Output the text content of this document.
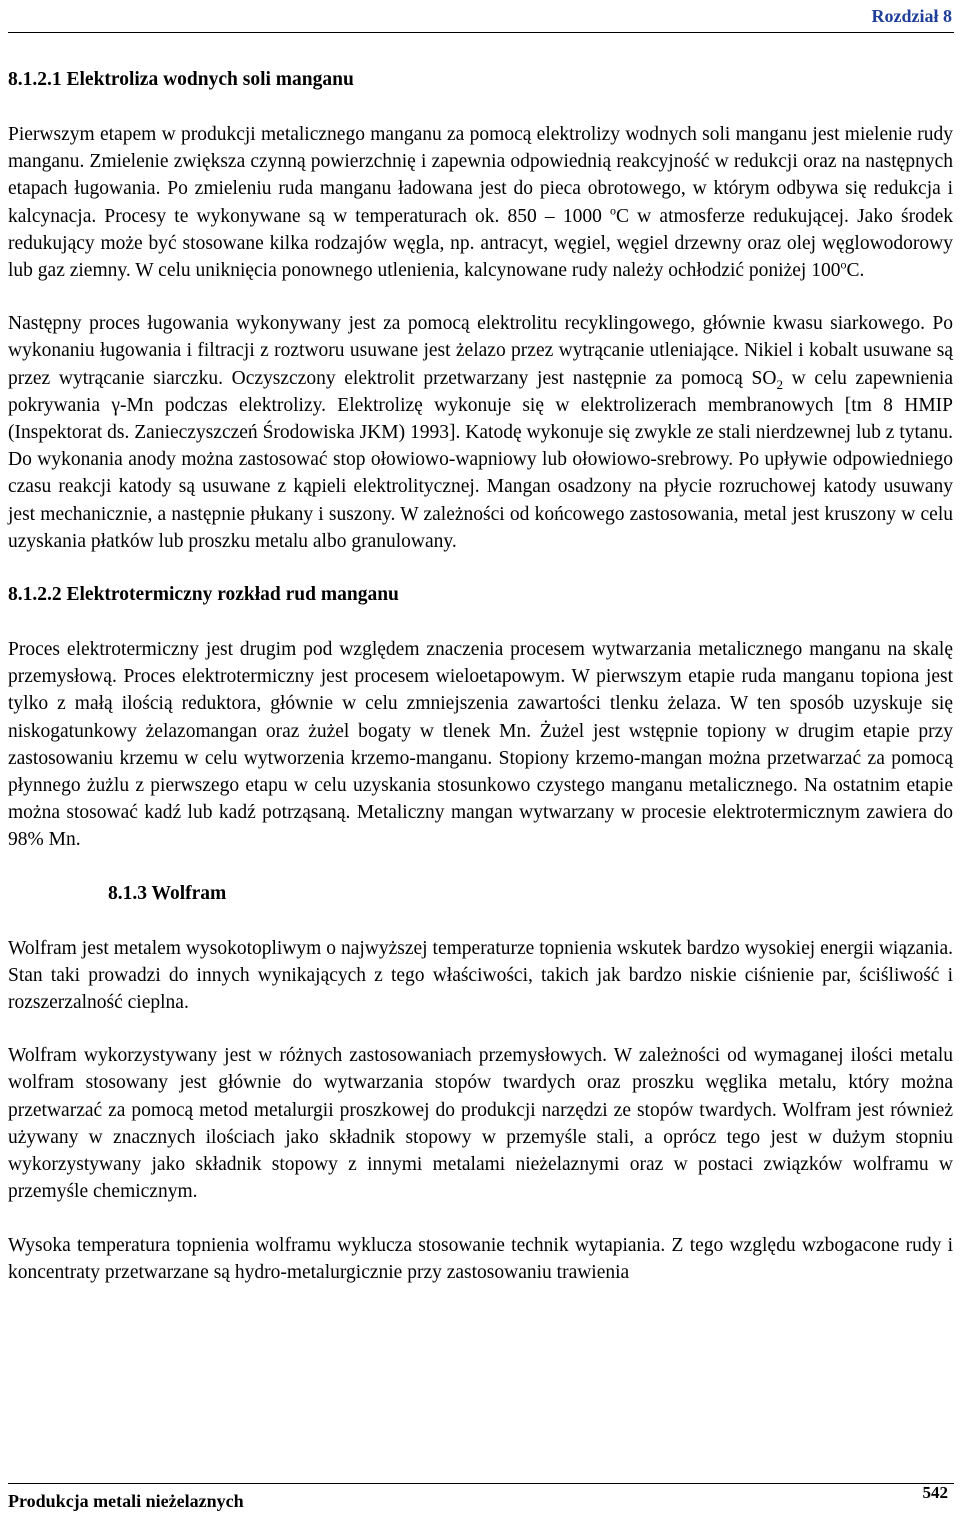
Rozdział 8
8.1.2.1 Elektroliza wodnych soli manganu

Pierwszym etapem w produkcji metalicznego manganu za pomocą elektrolizy wodnych soli manganu jest mielenie rudy manganu. Zmielenie zwiększa czynną powierzchnię i zapewnia odpowiednią reakcyjność w redukcji oraz na następnych etapach ługowania. Po zmieleniu ruda manganu ładowana jest do pieca obrotowego, w którym odbywa się redukcja i kalcynacja. Procesy te wykonywane są w temperaturach ok. 850 – 1000 $^o$C w atmosferze redukującej. Jako środek redukujący może być stosowane kilka rodzajów węgla, np. antracyt, węgiel, węgiel drzewny oraz olej węglowodorowy lub gaz ziemny. W celu uniknięcia ponownego utlenienia, kalcynowane rudy należy ochłodzić poniżej 100$^o$C.

Następny proces ługowania wykonywany jest za pomocą elektrolitu recyklingowego, głównie kwasu siarkowego. Po wykonaniu ługowania i filtracji z roztworu usuwane jest żelazo przez wytrącanie utleniające. Nikiel i kobalt usuwane są przez wytrącanie siarczku. Oczyszczony elektrolit przetwarzany jest następnie za pomocą $SO_2$ w celu zapewnienia pokrywania γ-Mn podczas elektrolizy. Elektrolizę wykonuje się w elektrolizerach membranowych [tm 8 HMIP (Inspektorat ds. Zanieczyszczeń Środowiska JKM) 1993]. Katodę wykonuje się zwykle ze stali nierdzewnej lub z tytanu. Do wykonania anody można zastosować stop ołowiowo-wapniowy lub ołowiowo-srebrowy. Po upływie odpowiedniego czasu reakcji katody są usuwane z kąpieli elektrolitycznej. Mangan osadzony na płycie rozruchowej katody usuwany jest mechanicznie, a następnie płukany i suszony. W zależności od końcowego zastosowania, metal jest kruszony w celu uzyskania płatków lub proszku metalu albo granulowany.

8.1.2.2 Elektrotermiczny rozkład rud manganu

Proces elektrotermiczny jest drugim pod względem znaczenia procesem wytwarzania metalicznego manganu na skalę przemysłową. Proces elektrotermiczny jest procesem wieloetapowym. W pierwszym etapie ruda manganu topiona jest tylko z małą ilością reduktora, głównie w celu zmniejszenia zawartości tlenku żelaza. W ten sposób uzyskuje się niskogatunkowy żelazomangan oraz żużel bogaty w tlenek Mn. Żużel jest wstępnie topiony w drugim etapie przy zastosowaniu krzemu w celu wytworzenia krzemo-manganu. Stopiony krzemo-mangan można przetwarzać za pomocą płynnego żużlu z pierwszego etapu w celu uzyskania stosunkowo czystego manganu metalicznego. Na ostatnim etapie można stosować kadź lub kadź potrząsaną. Metaliczny mangan wytwarzany w procesie elektrotermicznym zawiera do 98% Mn.

8.1.3 Wolfram

Wolfram jest metalem wysokotopliwym o najwyższej temperaturze topnienia wskutek bardzo wysokiej energii wiązania. Stan taki prowadzi do innych wynikających z tego właściwości, takich jak bardzo niskie ciśnienie par, ściśliwość i rozszerzalność cieplna.

Wolfram wykorzystywany jest w różnych zastosowaniach przemysłowych. W zależności od wymaganej ilości metalu wolfram stosowany jest głównie do wytwarzania stopów twardych oraz proszku węglika metalu, który można przetwarzać za pomocą metod metalurgii proszkowej do produkcji narzędzi ze stopów twardych. Wolfram jest również używany w znacznych ilościach jako składnik stopowy w przemyśle stali, a oprócz tego jest w dużym stopniu wykorzystywany jako składnik stopowy z innymi metalami nieżelaznymi oraz w postaci związków wolframu w przemyśle chemicznym.

Wysoka temperatura topnienia wolframu wyklucza stosowanie technik wytapiania. Z tego względu wzbogacone rudy i koncentraty przetwarzane są hydro-metalurgicznie przy zastosowaniu trawienia

Produkcja metali nieżelaznych	542
